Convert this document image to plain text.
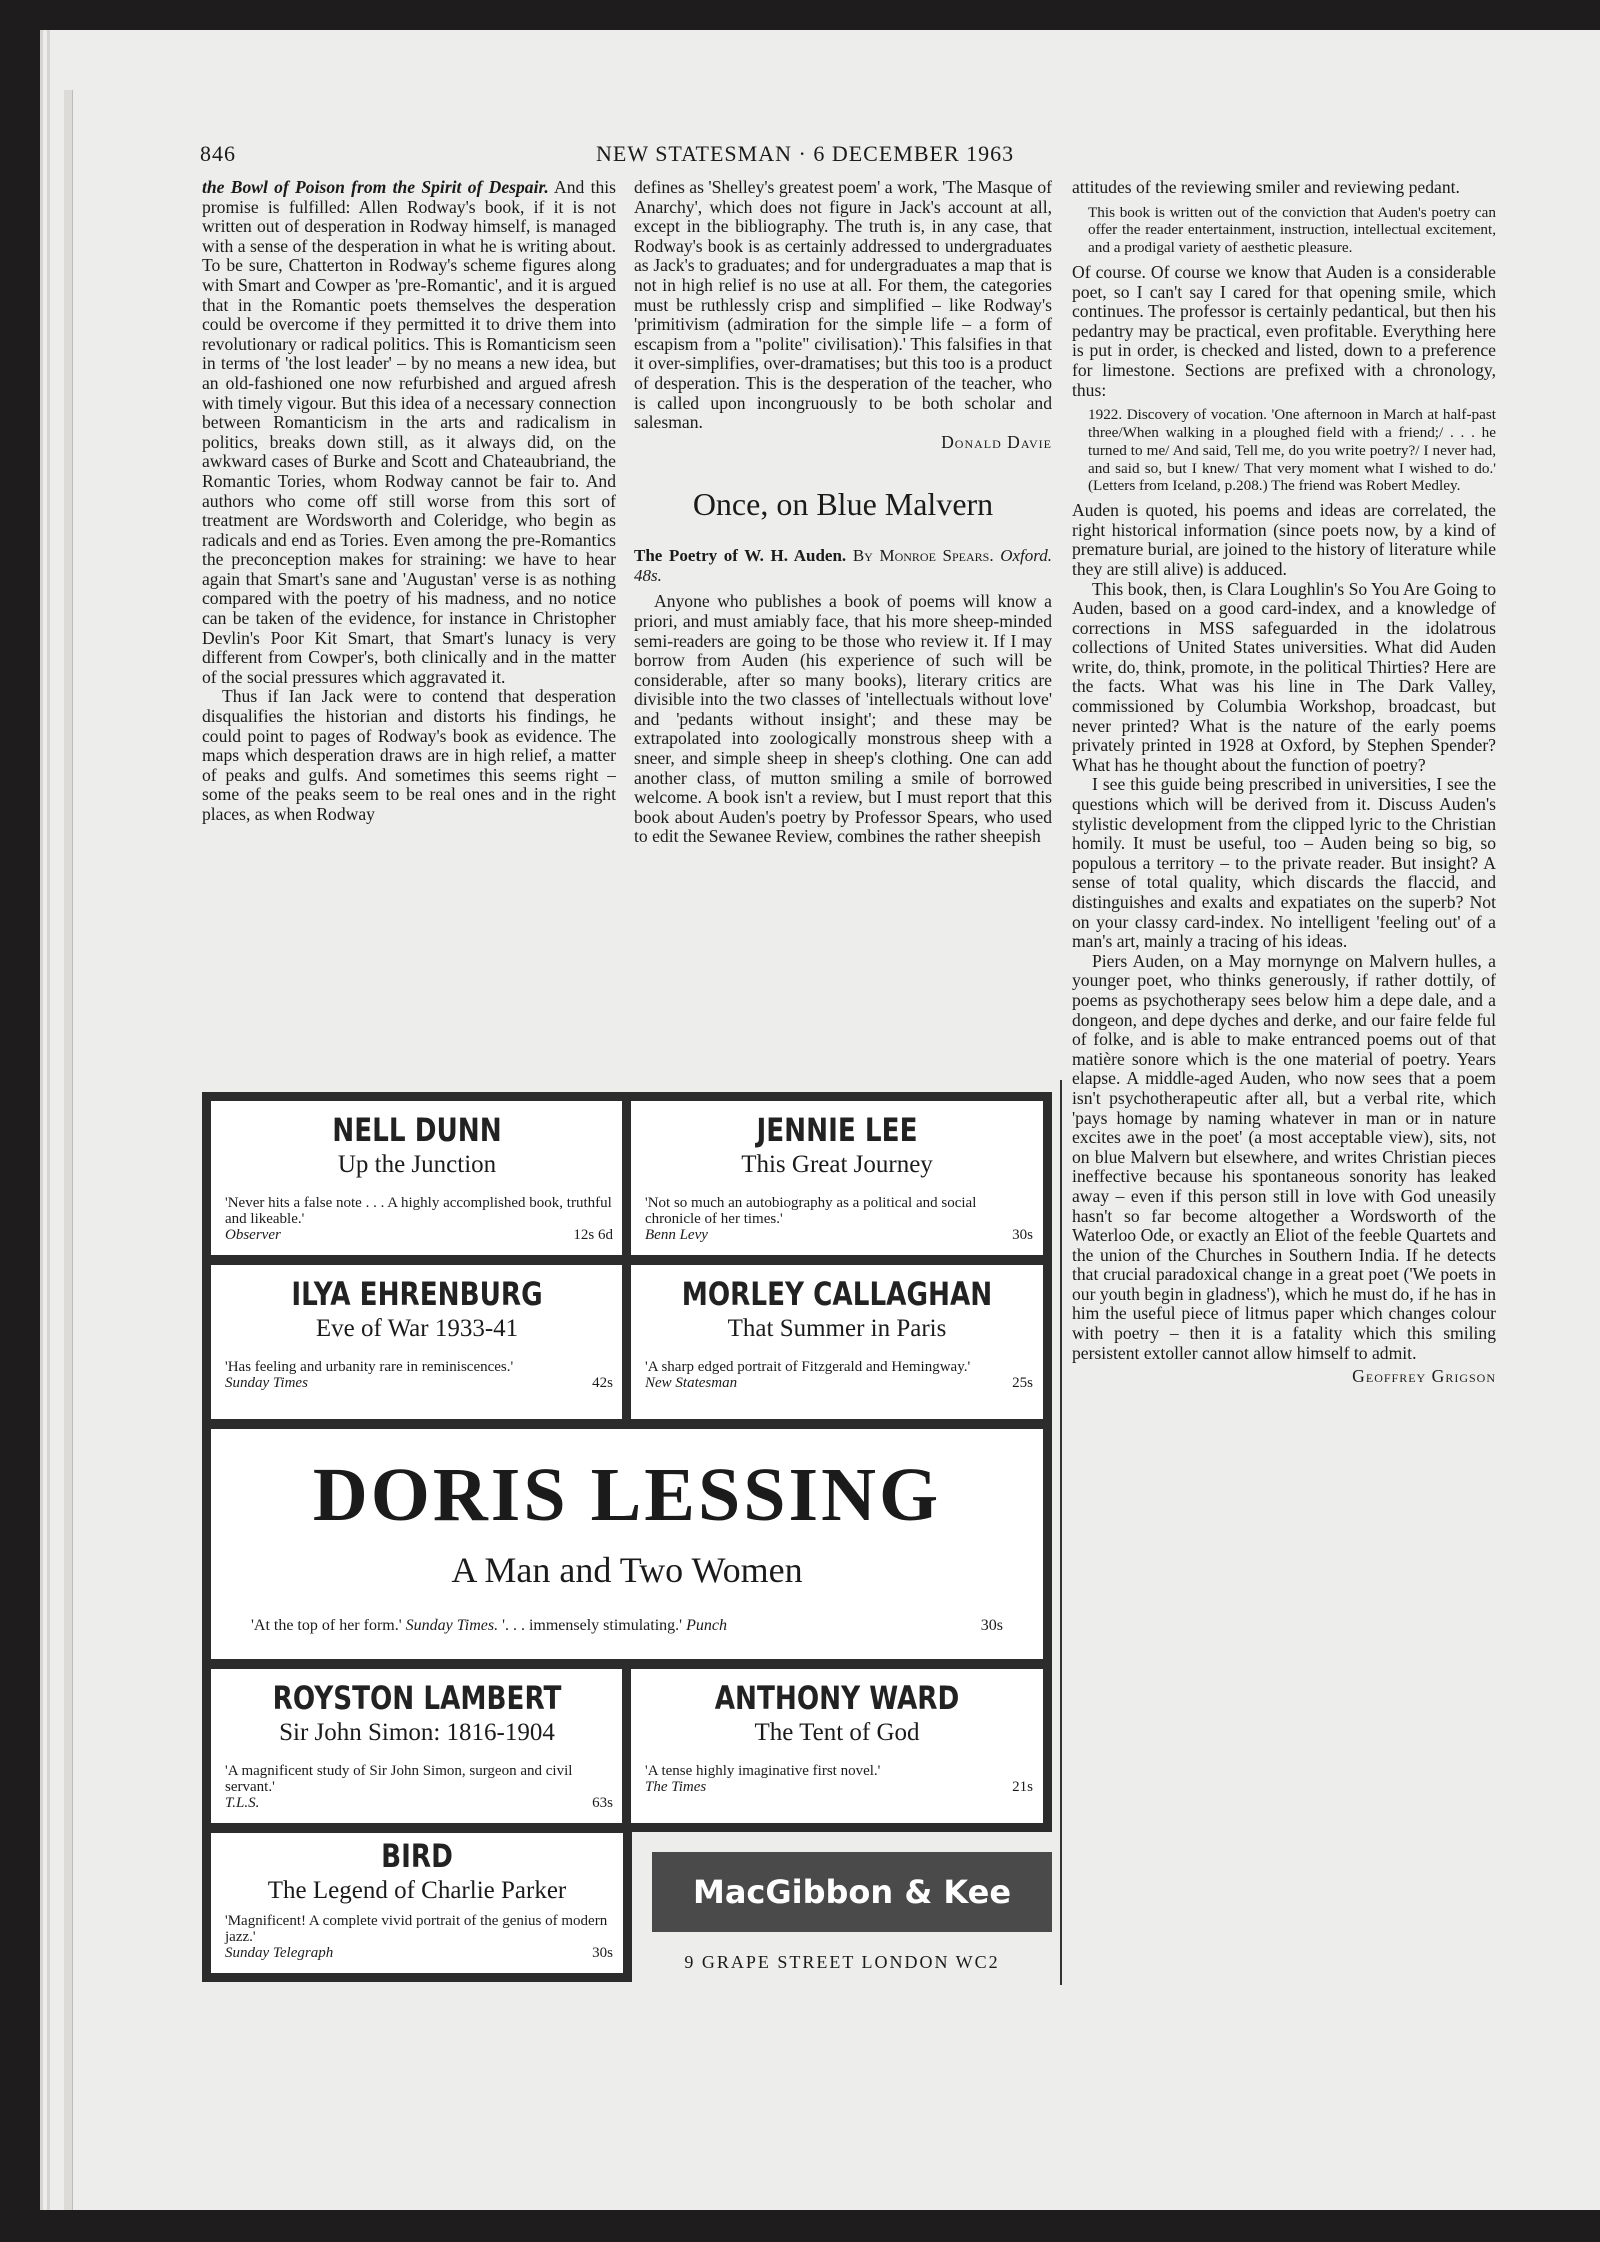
846	NEW STATESMAN · 6 DECEMBER 1963

the Bowl of Poison from the Spirit of Despair. And this promise is fulfilled: Allen Rodway's book, if it is not written out of desperation in Rodway himself, is managed with a sense of the desperation in what he is writing about. To be sure, Chatterton in Rodway's scheme figures along with Smart and Cowper as 'pre-Romantic', and it is argued that in the Romantic poets themselves the desperation could be overcome if they permitted it to drive them into revolutionary or radical politics. This is Romanticism seen in terms of 'the lost leader' – by no means a new idea, but an old-fashioned one now refurbished and argued afresh with timely vigour. But this idea of a necessary connection between Romanticism in the arts and radicalism in politics, breaks down still, as it always did, on the awkward cases of Burke and Scott and Chateaubriand, the Romantic Tories, whom Rodway cannot be fair to. And authors who come off still worse from this sort of treatment are Wordsworth and Coleridge, who begin as radicals and end as Tories. Even among the pre-Romantics the preconception makes for straining: we have to hear again that Smart's sane and 'Augustan' verse is as nothing compared with the poetry of his madness, and no notice can be taken of the evidence, for instance in Christopher Devlin's Poor Kit Smart, that Smart's lunacy is very different from Cowper's, both clinically and in the matter of the social pressures which aggravated it.

Thus if Ian Jack were to contend that desperation disqualifies the historian and distorts his findings, he could point to pages of Rodway's book as evidence. The maps which desperation draws are in high relief, a matter of peaks and gulfs. And sometimes this seems right – some of the peaks seem to be real ones and in the right places, as when Rodway

defines as 'Shelley's greatest poem' a work, 'The Masque of Anarchy', which does not figure in Jack's account at all, except in the bibliography. The truth is, in any case, that Rodway's book is as certainly addressed to undergraduates as Jack's to graduates; and for undergraduates a map that is not in high relief is no use at all. For them, the categories must be ruthlessly crisp and simplified – like Rodway's 'primitivism (admiration for the simple life – a form of escapism from a "polite" civilisation).' This falsifies in that it over-simplifies, over-dramatises; but this too is a product of desperation. This is the desperation of the teacher, who is called upon incongruously to be both scholar and salesman.

Donald Davie
Once, on Blue Malvern
The Poetry of W. H. Auden. By Monroe Spears. Oxford. 48s.

Anyone who publishes a book of poems will know a priori, and must amiably face, that his more sheep-minded semi-readers are going to be those who review it. If I may borrow from Auden (his experience of such will be considerable, after so many books), literary critics are divisible into the two classes of 'intellectuals without love' and 'pedants without insight'; and these may be extrapolated into zoologically monstrous sheep with a sneer, and simple sheep in sheep's clothing. One can add another class, of mutton smiling a smile of borrowed welcome. A book isn't a review, but I must report that this book about Auden's poetry by Professor Spears, who used to edit the Sewanee Review, combines the rather sheepish

attitudes of the reviewing smiler and reviewing pedant.

This book is written out of the conviction that Auden's poetry can offer the reader entertainment, instruction, intellectual excitement, and a prodigal variety of aesthetic pleasure.

Of course. Of course we know that Auden is a considerable poet, so I can't say I cared for that opening smile, which continues. The professor is certainly pedantical, but then his pedantry may be practical, even profitable. Everything here is put in order, is checked and listed, down to a preference for limestone. Sections are prefixed with a chronology, thus:

1922. Discovery of vocation. 'One afternoon in March at half-past three/When walking in a ploughed field with a friend;/ . . . he turned to me/ And said, Tell me, do you write poetry?/ I never had, and said so, but I knew/ That very moment what I wished to do.' (Letters from Iceland, p.208.) The friend was Robert Medley.

Auden is quoted, his poems and ideas are correlated, the right historical information (since poets now, by a kind of premature burial, are joined to the history of literature while they are still alive) is adduced.

This book, then, is Clara Loughlin's So You Are Going to Auden, based on a good card-index, and a knowledge of corrections in MSS safeguarded in the idolatrous collections of United States universities. What did Auden write, do, think, promote, in the political Thirties? Here are the facts. What was his line in The Dark Valley, commissioned by Columbia Workshop, broadcast, but never printed? What is the nature of the early poems privately printed in 1928 at Oxford, by Stephen Spender? What has he thought about the function of poetry?

I see this guide being prescribed in universities, I see the questions which will be derived from it. Discuss Auden's stylistic development from the clipped lyric to the Christian homily. It must be useful, too – Auden being so big, so populous a territory – to the private reader. But insight? A sense of total quality, which discards the flaccid, and distinguishes and exalts and expatiates on the superb? Not on your classy card-index. No intelligent 'feeling out' of a man's art, mainly a tracing of his ideas.

Piers Auden, on a May mornynge on Malvern hulles, a younger poet, who thinks generously, if rather dottily, of poems as psychotherapy sees below him a depe dale, and a dongeon, and depe dyches and derke, and our faire felde ful of folke, and is able to make entranced poems out of that matière sonore which is the one material of poetry. Years elapse. A middle-aged Auden, who now sees that a poem isn't psychotherapeutic after all, but a verbal rite, which 'pays homage by naming whatever in man or in nature excites awe in the poet' (a most acceptable view), sits, not on blue Malvern but elsewhere, and writes Christian pieces ineffective because his spontaneous sonority has leaked away – even if this person still in love with God uneasily hasn't so far become altogether a Wordsworth of the Waterloo Ode, or exactly an Eliot of the feeble Quartets and the union of the Churches in Southern India. If he detects that crucial paradoxical change in a great poet ('We poets in our youth begin in gladness'), which he must do, if he has in him the useful piece of litmus paper which changes colour with poetry – then it is a fatality which this smiling persistent extoller cannot allow himself to admit.

Geoffrey Grigson
NELL DUNN
Up the Junction
'Never hits a false note . . . A highly accomplished book, truthful and likeable.'
Observer	12s 6d
JENNIE LEE
This Great Journey
'Not so much an autobiography as a political and social chronicle of her times.'
Benn Levy	30s
ILYA EHRENBURG
Eve of War 1933-41
'Has feeling and urbanity rare in reminiscences.'
Sunday Times	42s
MORLEY CALLAGHAN
That Summer in Paris
'A sharp edged portrait of Fitzgerald and Hemingway.'
New Statesman	25s
DORIS LESSING
A Man and Two Women
'At the top of her form.' Sunday Times. '. . . immensely stimulating.' Punch	30s
ROYSTON LAMBERT
Sir John Simon: 1816-1904
'A magnificent study of Sir John Simon, surgeon and civil servant.'
T.L.S.	63s
ANTHONY WARD
The Tent of God
'A tense highly imaginative first novel.'
The Times	21s
BIRD
The Legend of Charlie Parker
'Magnificent! A complete vivid portrait of the genius of modern jazz.'
Sunday Telegraph	30s
MacGibbon & Kee
9 GRAPE STREET LONDON WC2
